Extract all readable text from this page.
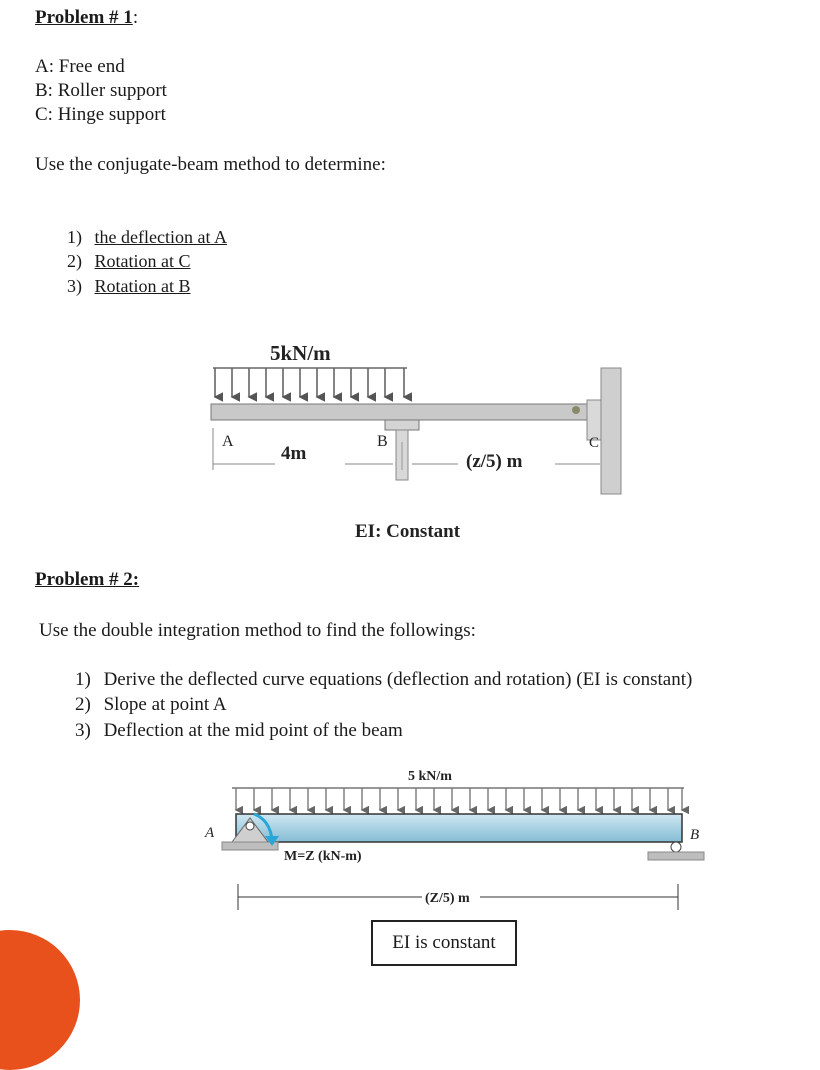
Problem # 1:
A: Free end
B: Roller support
C: Hinge support
Use the conjugate-beam method to determine:
1) the deflection at A
2) Rotation at C
3) Rotation at B
5kN/m
A	B	C
4m	(z/5) m
EI: Constant
Problem # 2:
Use the double integration method to find the followings:
1) Derive the deflected curve equations (deflection and rotation) (EI is constant)
2) Slope at point A
3) Deflection at the mid point of the beam
5 kN/m
A	B
M=Z (kN-m)
(Z/5) m
EI is constant
